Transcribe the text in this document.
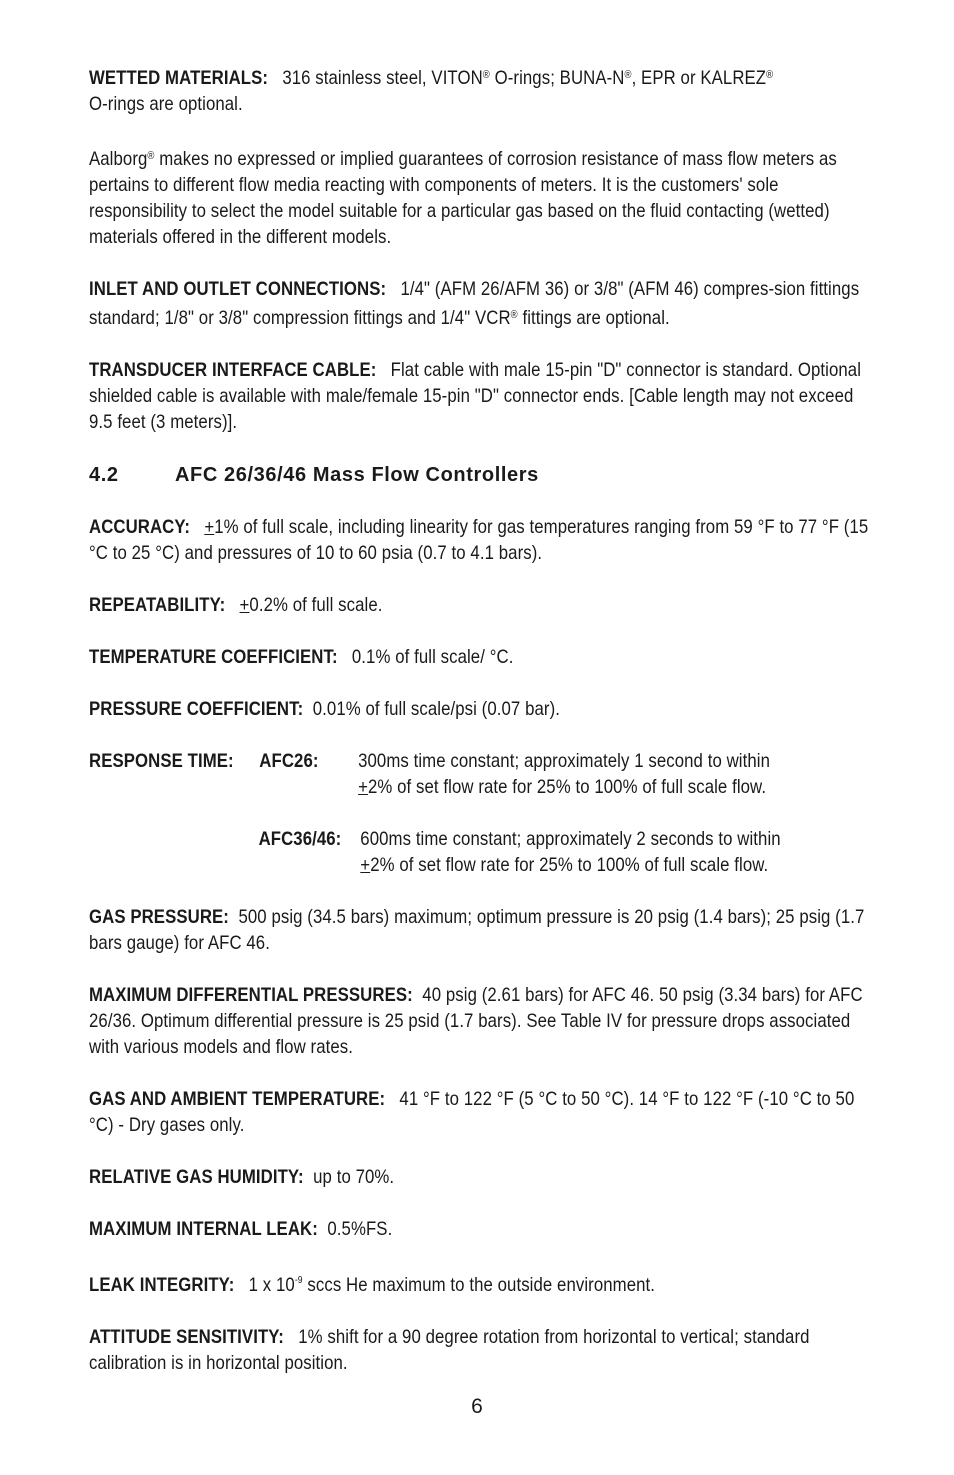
WETTED MATERIALS: 316 stainless steel, VITON® O-rings; BUNA-N®, EPR or KALREZ®
O-rings are optional.

Aalborg® makes no expressed or implied guarantees of corrosion resistance of mass flow meters as pertains to different flow media reacting with components of meters. It is the customers' sole responsibility to select the model suitable for a particular gas based on the fluid contacting (wetted) materials offered in the different models.

INLET AND OUTLET CONNECTIONS: 1/4" (AFM 26/AFM 36) or 3/8" (AFM 46) compres-sion fittings standard; 1/8" or 3/8" compression fittings and 1/4" VCR® fittings are optional.

TRANSDUCER INTERFACE CABLE: Flat cable with male 15-pin "D" connector is standard. Optional shielded cable is available with male/female 15-pin "D" connector ends. [Cable length may not exceed 9.5 feet (3 meters)].

4.2	AFC 26/36/46 Mass Flow Controllers

ACCURACY: +1% of full scale, including linearity for gas temperatures ranging from 59 °F to 77 °F (15 °C to 25 °C) and pressures of 10 to 60 psia (0.7 to 4.1 bars).

REPEATABILITY: +0.2% of full scale.

TEMPERATURE COEFFICIENT: 0.1% of full scale/ °C.

PRESSURE COEFFICIENT: 0.01% of full scale/psi (0.07 bar).

RESPONSE TIME:	AFC26:	300ms time constant; approximately 1 second to within
+2% of set flow rate for 25% to 100% of full scale flow.
AFC36/46: 600ms time constant; approximately 2 seconds to within
+2% of set flow rate for 25% to 100% of full scale flow.

GAS PRESSURE: 500 psig (34.5 bars) maximum; optimum pressure is 20 psig (1.4 bars); 25 psig (1.7 bars gauge) for AFC 46.

MAXIMUM DIFFERENTIAL PRESSURES: 40 psig (2.61 bars) for AFC 46. 50 psig (3.34 bars) for AFC 26/36. Optimum differential pressure is 25 psid (1.7 bars). See Table IV for pressure drops associated with various models and flow rates.

GAS AND AMBIENT TEMPERATURE: 41 °F to 122 °F (5 °C to 50 °C). 14 °F to 122 °F (-10 °C to 50 °C) - Dry gases only.

RELATIVE GAS HUMIDITY: up to 70%.

MAXIMUM INTERNAL LEAK: 0.5%FS.

LEAK INTEGRITY: 1 x $10^{-9}$ sccs He maximum to the outside environment.

ATTITUDE SENSITIVITY: 1% shift for a 90 degree rotation from horizontal to vertical; standard calibration is in horizontal position.

6
